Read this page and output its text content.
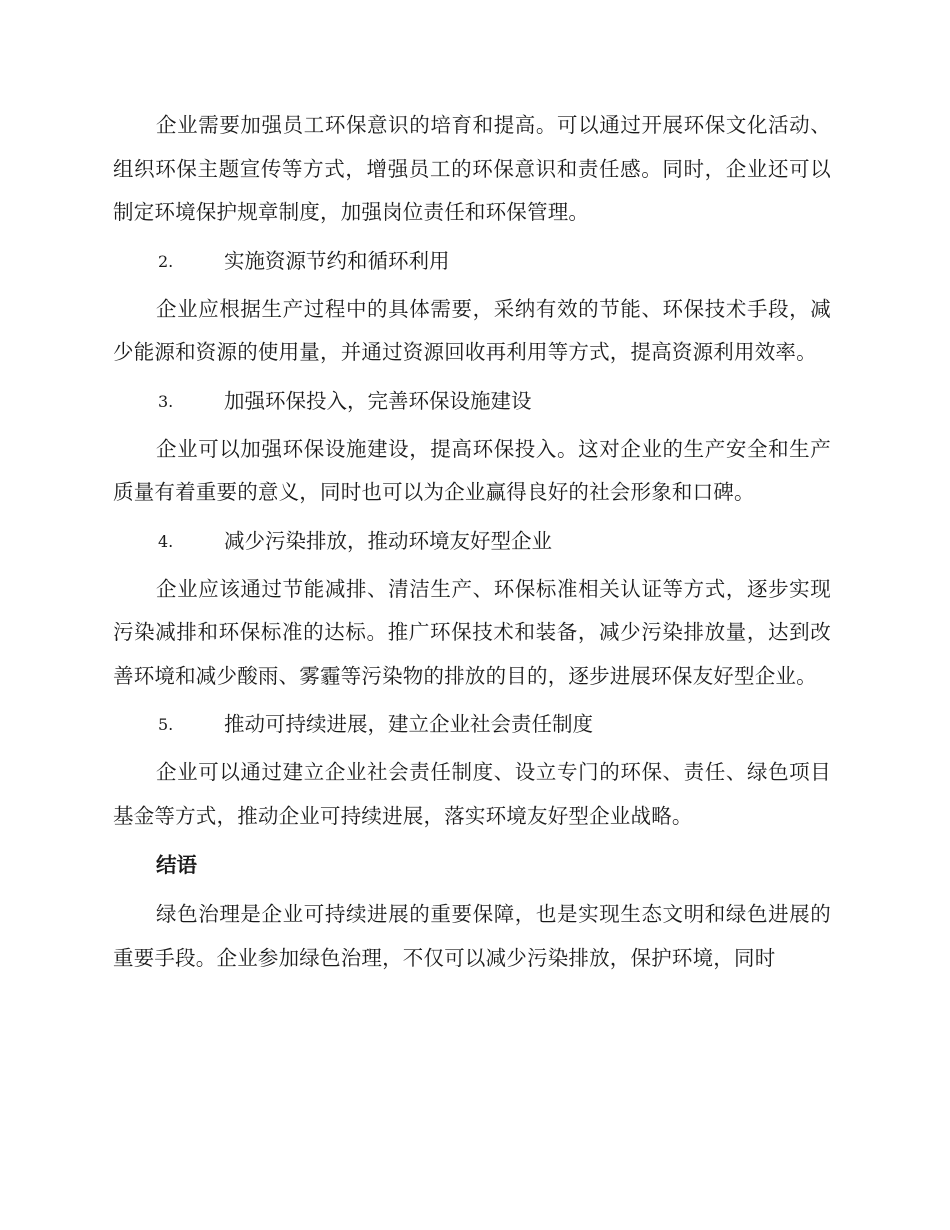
企业需要加强员工环保意识的培育和提高。可以通过开展环保文化活动、组织环保主题宣传等方式，增强员工的环保意识和责任感。同时，企业还可以制定环境保护规章制度，加强岗位责任和环保管理。

2. 实施资源节约和循环利用

企业应根据生产过程中的具体需要，采纳有效的节能、环保技术手段，减少能源和资源的使用量，并通过资源回收再利用等方式，提高资源利用效率。

3. 加强环保投入，完善环保设施建设

企业可以加强环保设施建设，提高环保投入。这对企业的生产安全和生产质量有着重要的意义，同时也可以为企业赢得良好的社会形象和口碑。

4. 减少污染排放，推动环境友好型企业

企业应该通过节能减排、清洁生产、环保标准相关认证等方式，逐步实现污染减排和环保标准的达标。推广环保技术和装备，减少污染排放量，达到改善环境和减少酸雨、雾霾等污染物的排放的目的，逐步进展环保友好型企业。

5. 推动可持续进展，建立企业社会责任制度

企业可以通过建立企业社会责任制度、设立专门的环保、责任、绿色项目基金等方式，推动企业可持续进展，落实环境友好型企业战略。

结语

绿色治理是企业可持续进展的重要保障，也是实现生态文明和绿色进展的重要手段。企业参加绿色治理，不仅可以减少污染排放，保护环境，同时
